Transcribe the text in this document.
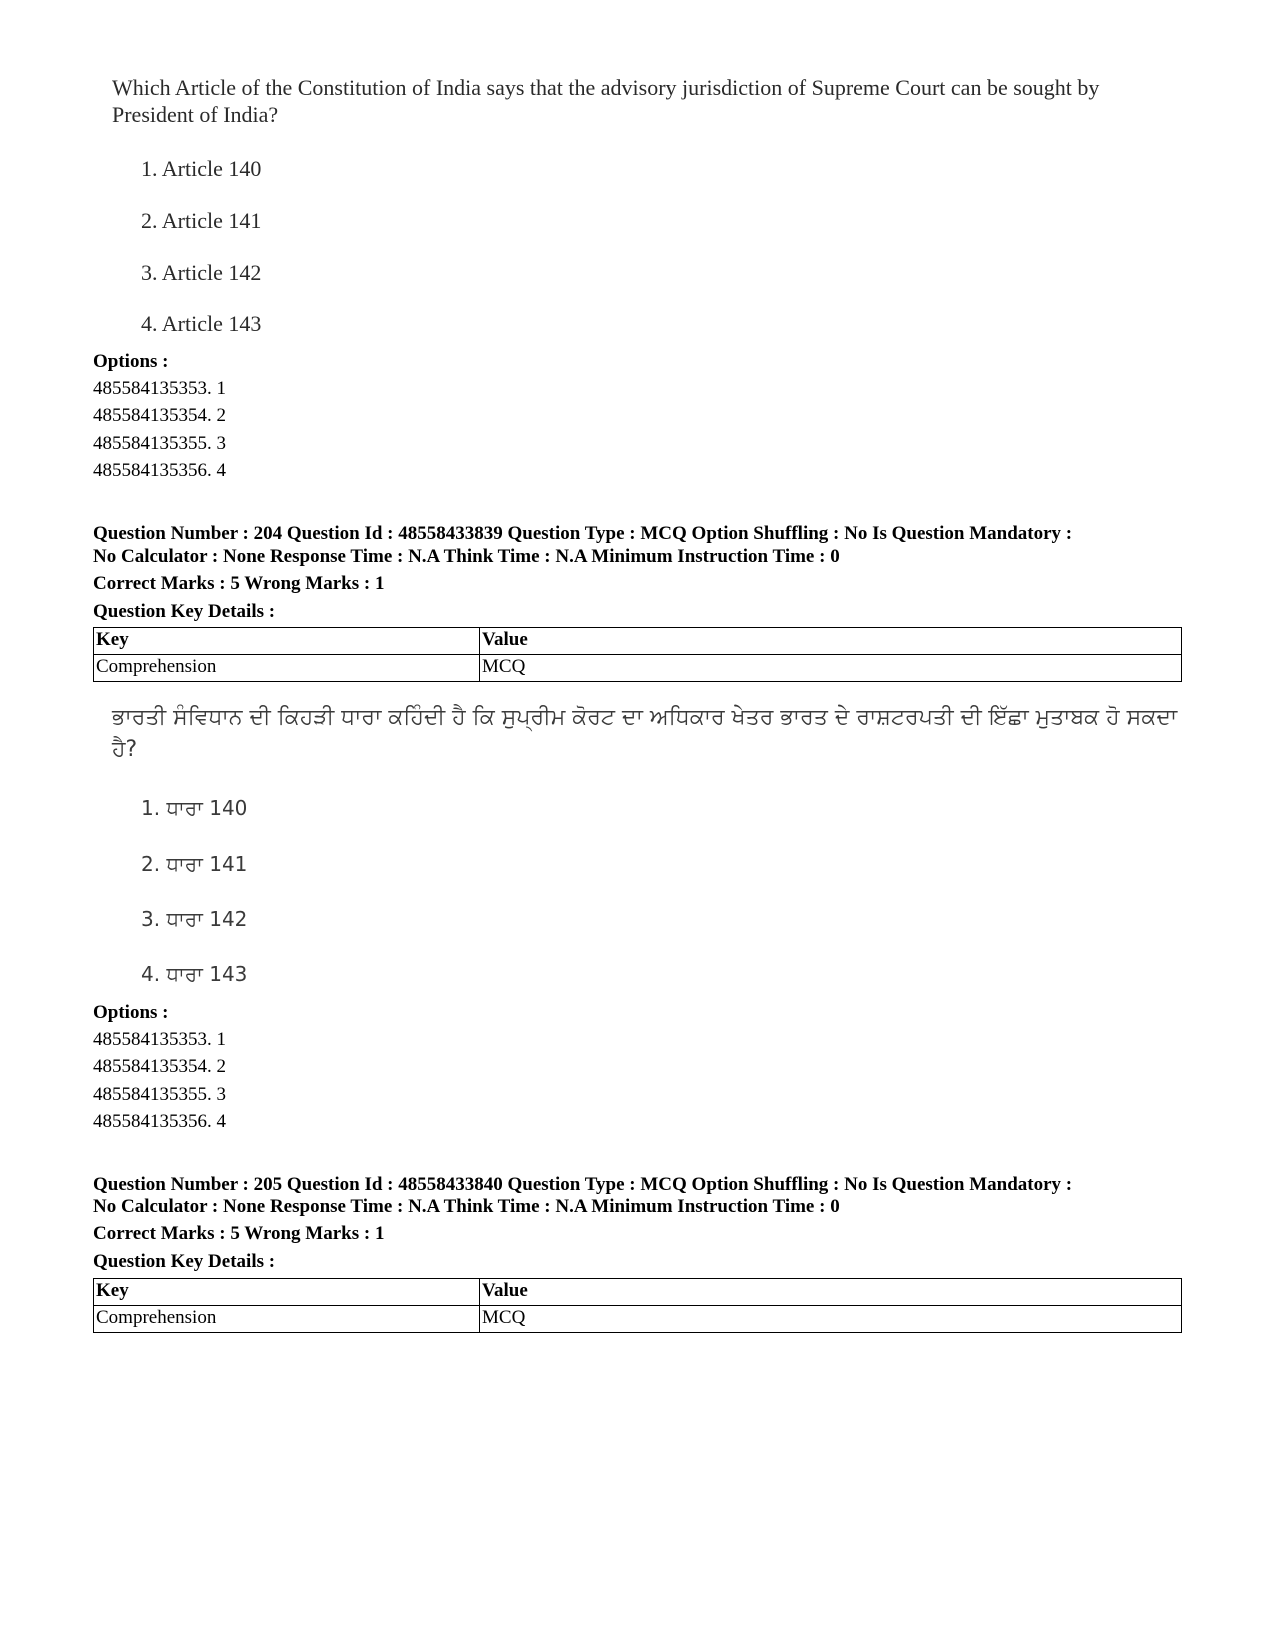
Which Article of the Constitution of India says that the advisory jurisdiction of Supreme Court can be sought by President of India?
1. Article 140
2. Article 141
3. Article 142
4. Article 143
Options :
485584135353. 1
485584135354. 2
485584135355. 3
485584135356. 4
Question Number : 204 Question Id : 48558433839 Question Type : MCQ Option Shuffling : No Is Question Mandatory :
No Calculator : None Response Time : N.A Think Time : N.A Minimum Instruction Time : 0
Correct Marks : 5 Wrong Marks : 1
Question Key Details :
Key	Value
Comprehension	MCQ
ਭਾਰਤੀ ਸੰਵਿਧਾਨ ਦੀ ਕਿਹੜੀ ਧਾਰਾ ਕਹਿੰਦੀ ਹੈ ਕਿ ਸੁਪ੍ਰੀਮ ਕੋਰਟ ਦਾ ਅਧਿਕਾਰ ਖੇਤਰ ਭਾਰਤ ਦੇ ਰਾਸ਼ਟਰਪਤੀ ਦੀ ਇੱਛਾ ਮੁਤਾਬਕ ਹੋ ਸਕਦਾ ਹੈ?
1. ਧਾਰਾ 140
2. ਧਾਰਾ 141
3. ਧਾਰਾ 142
4. ਧਾਰਾ 143
Options :
485584135353. 1
485584135354. 2
485584135355. 3
485584135356. 4
Question Number : 205 Question Id : 48558433840 Question Type : MCQ Option Shuffling : No Is Question Mandatory :
No Calculator : None Response Time : N.A Think Time : N.A Minimum Instruction Time : 0
Correct Marks : 5 Wrong Marks : 1
Question Key Details :
Key	Value
Comprehension	MCQ
